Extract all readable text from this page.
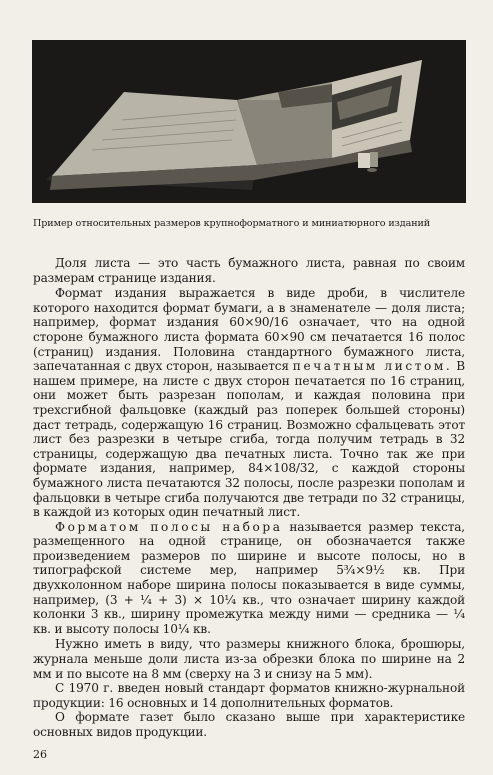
Пример относительных размеров крупноформатного и миниатюрного изданий

Доля листа — это часть бумажного листа, равная по своим размерам странице издания.

Формат издания выражается в виде дроби, в числителе которого находится формат бумаги, а в знаменателе — доля листа; например, формат издания 60×90/16 означает, что на одной стороне бумажного листа формата 60×90 см печатается 16 полос (страниц) издания. Половина стандартного бумажного листа, запечатанная с двух сторон, называется печатным листом. В нашем примере, на листе с двух сторон печатается по 16 страниц, они может быть разрезан пополам, и каждая половина при трехсгибной фальцовке (каждый раз поперек большей стороны) даст тетрадь, содержащую 16 страниц. Возможно сфальцевать этот лист без разрезки в четыре сгиба, тогда получим тетрадь в 32 страницы, содержащую два печатных листа. Точно так же при формате издания, например, 84×108/32, с каждой стороны бумажного листа печатаются 32 полосы, после разрезки пополам и фальцовки в четыре сгиба получаются две тетради по 32 страницы, в каждой из которых один печатный лист.

Форматом полосы набора называется размер текста, размещенного на одной странице, он обозначается также произведением размеров по ширине и высоте полосы, но в типографской системе мер, например 5¾×9½ кв. При двухколонном наборе ширина полосы показывается в виде суммы, например, (3 + ¼ + 3) × 10¼ кв., что означает ширину каждой колонки 3 кв., ширину промежутка между ними — средника — ¼ кв. и высоту полосы 10¼ кв.

Нужно иметь в виду, что размеры книжного блока, брошюры, журнала меньше доли листа из-за обрезки блока по ширине на 2 мм и по высоте на 8 мм (сверху на 3 и снизу на 5 мм).

С 1970 г. введен новый стандарт форматов книжно-журнальной продукции: 16 основных и 14 дополнительных форматов.

О формате газет было сказано выше при характеристике основных видов продукции.

26
